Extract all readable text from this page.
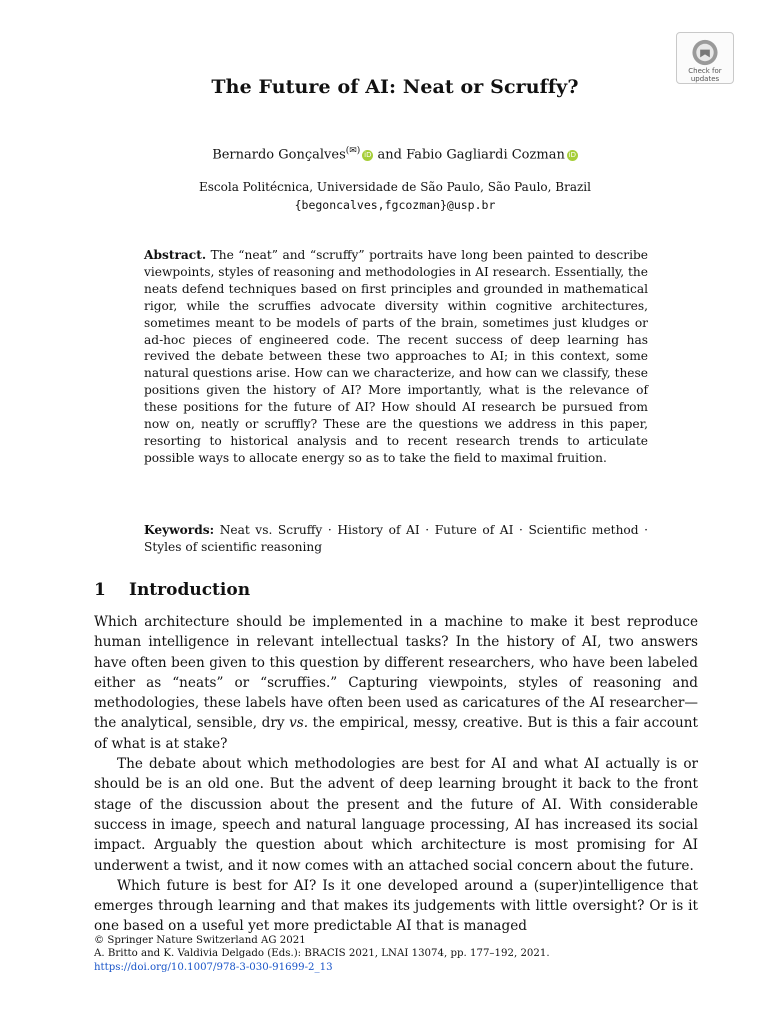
Check for
updates
The Future of AI: Neat or Scruffy?
Bernardo Gonçalves(✉) iD and Fabio Gagliardi Cozman iD
Escola Politécnica, Universidade de São Paulo, São Paulo, Brazil
{begoncalves,fgcozman}@usp.br
Abstract. The “neat” and “scruffy” portraits have long been painted to describe viewpoints, styles of reasoning and methodologies in AI research. Essentially, the neats defend techniques based on first principles and grounded in mathematical rigor, while the scruffies advocate diversity within cognitive architectures, sometimes meant to be models of parts of the brain, sometimes just kludges or ad-hoc pieces of engineered code. The recent success of deep learning has revived the debate between these two approaches to AI; in this context, some natural questions arise. How can we characterize, and how can we classify, these positions given the history of AI? More importantly, what is the relevance of these positions for the future of AI? How should AI research be pursued from now on, neatly or scruffly? These are the questions we address in this paper, resorting to historical analysis and to recent research trends to articulate possible ways to allocate energy so as to take the field to maximal fruition.
Keywords: Neat vs. Scruffy · History of AI · Future of AI · Scientific method · Styles of scientific reasoning
1 Introduction

Which architecture should be implemented in a machine to make it best reproduce human intelligence in relevant intellectual tasks? In the history of AI, two answers have often been given to this question by different researchers, who have been labeled either as “neats” or “scruffies.” Capturing viewpoints, styles of reasoning and methodologies, these labels have often been used as caricatures of the AI researcher—the analytical, sensible, dry vs. the empirical, messy, creative. But is this a fair account of what is at stake?

The debate about which methodologies are best for AI and what AI actually is or should be is an old one. But the advent of deep learning brought it back to the front stage of the discussion about the present and the future of AI. With considerable success in image, speech and natural language processing, AI has increased its social impact. Arguably the question about which architecture is most promising for AI underwent a twist, and it now comes with an attached social concern about the future.

Which future is best for AI? Is it one developed around a (super)intelligence that emerges through learning and that makes its judgements with little oversight? Or is it one based on a useful yet more predictable AI that is managed

© Springer Nature Switzerland AG 2021
A. Britto and K. Valdivia Delgado (Eds.): BRACIS 2021, LNAI 13074, pp. 177–192, 2021.
https://doi.org/10.1007/978-3-030-91699-2_13
